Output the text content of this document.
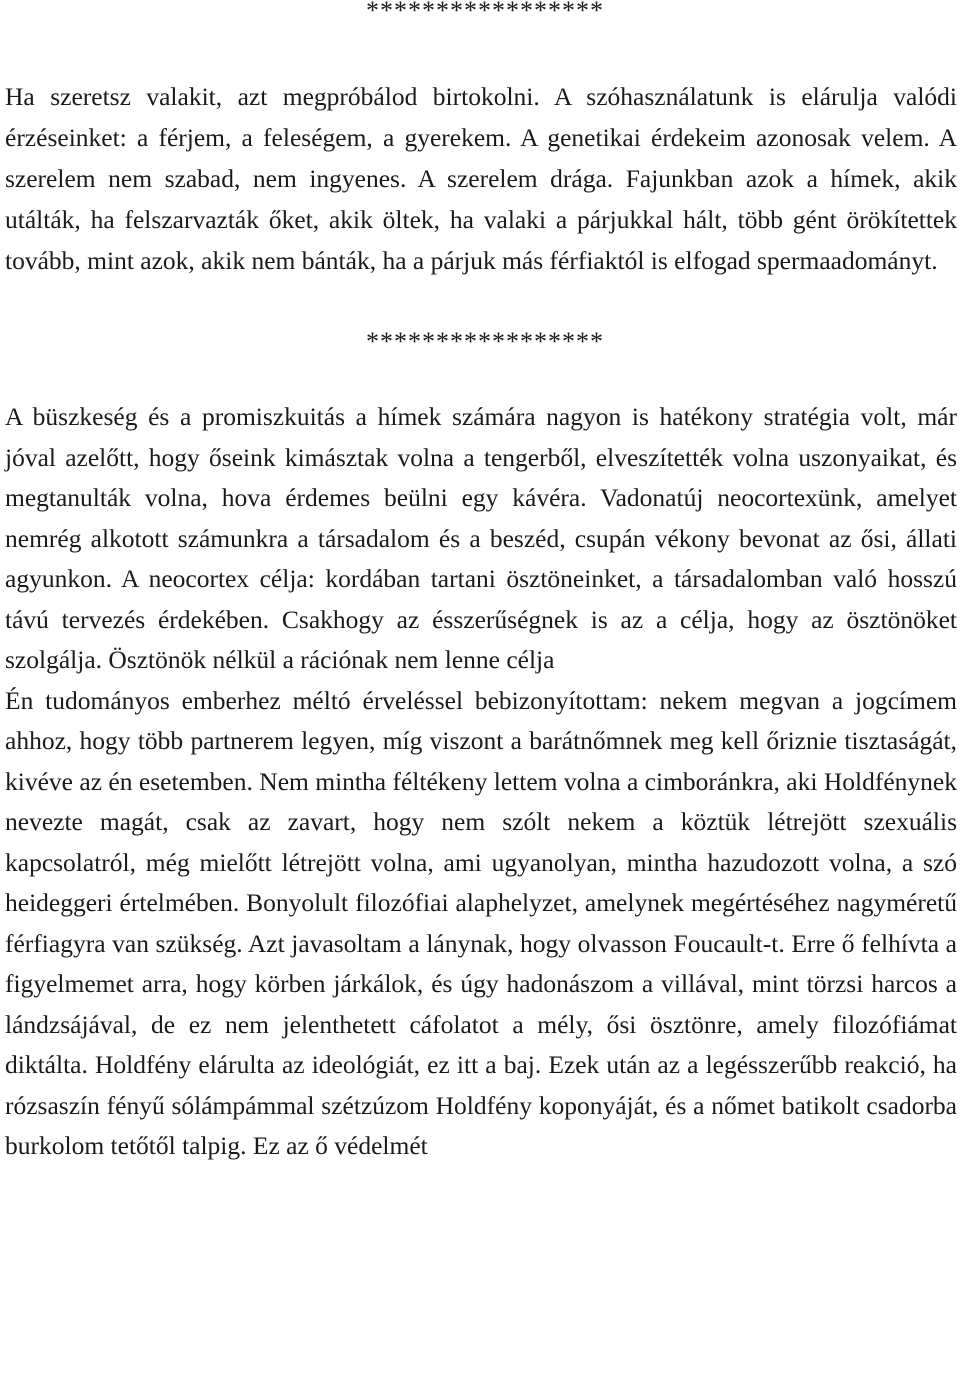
*****************

Ha szeretsz valakit, azt megpróbálod birtokolni. A szóhasználatunk is elárulja valódi érzéseinket: a férjem, a feleségem, a gyerekem. A genetikai érdekeim azonosak velem. A szerelem nem szabad, nem ingyenes. A szerelem drága. Fajunkban azok a hímek, akik utálták, ha felszarvazták őket, akik öltek, ha valaki a párjukkal hált, több gént örökítettek tovább, mint azok, akik nem bánták, ha a párjuk más férfiaktól is elfogad spermaadományt.

*****************

A büszkeség és a promiszkuitás a hímek számára nagyon is hatékony stratégia volt, már jóval azelőtt, hogy őseink kimásztak volna a tengerből, elveszítették volna uszonyaikat, és megtanulták volna, hova érdemes beülni egy kávéra. Vadonatúj neocortexünk, amelyet nemrég alkotott számunkra a társadalom és a beszéd, csupán vékony bevonat az ősi, állati agyunkon. A neocortex célja: kordában tartani ösztöneinket, a társadalomban való hosszú távú tervezés érdekében. Csakhogy az ésszerűségnek is az a célja, hogy az ösztönöket szolgálja. Ösztönök nélkül a rációnak nem lenne célja

Én tudományos emberhez méltó érveléssel bebizonyítottam: nekem megvan a jogcímem ahhoz, hogy több partnerem legyen, míg viszont a barátnőmnek meg kell őriznie tisztaságát, kivéve az én esetemben. Nem mintha féltékeny lettem volna a cimboránkra, aki Holdfénynek nevezte magát, csak az zavart, hogy nem szólt nekem a köztük létrejött szexuális kapcsolatról, még mielőtt létrejött volna, ami ugyanolyan, mintha hazudozott volna, a szó heideggeri értelmében. Bonyolult filozófiai alaphelyzet, amelynek megértéséhez nagyméretű férfiagyra van szükség. Azt javasoltam a lánynak, hogy olvasson Foucault-t. Erre ő felhívta a figyelmemet arra, hogy körben járkálok, és úgy hadonászom a villával, mint törzsi harcos a lándzsájával, de ez nem jelenthetett cáfolatot a mély, ősi ösztönre, amely filozófiámat diktálta. Holdfény elárulta az ideológiát, ez itt a baj. Ezek után az a legésszerűbb reakció, ha rózsaszín fényű sólámpámmal szétzúzom Holdfény koponyáját, és a nőmet batikolt csadorba burkolom tetőtől talpig. Ez az ő védelmét
